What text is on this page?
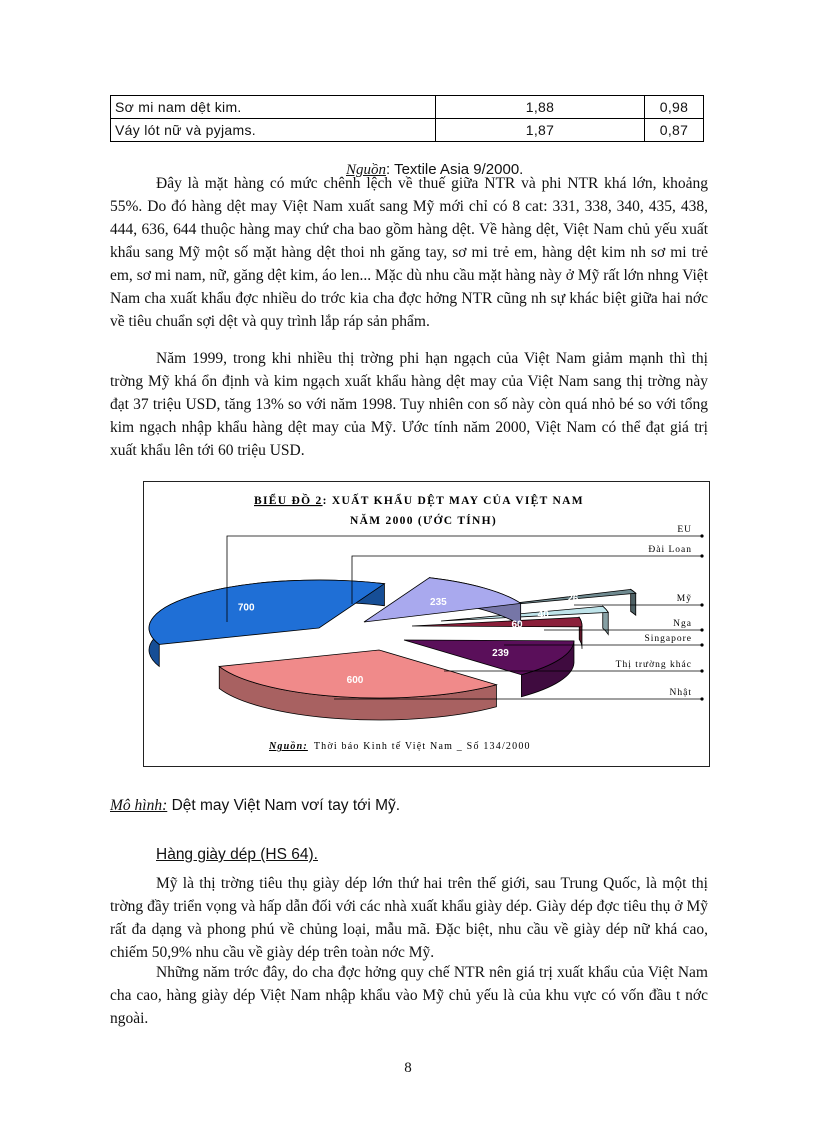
Sơ mi nam dệt kim.	1,88	0,98
Váy lót nữ và pyjams.	1,87	0,87
Nguồn: Textile Asia 9/2000.

Đây là mặt hàng có mức chênh lệch về thuế giữa NTR và phi NTR khá lớn, khoảng 55%. Do đó hàng dệt may Việt Nam xuất sang Mỹ mới chỉ có 8 cat: 331, 338, 340, 435, 438, 444, 636, 644 thuộc hàng may chứ cha bao gồm hàng dệt. Về hàng dệt, Việt Nam chủ yếu xuất khẩu sang Mỹ một số mặt hàng dệt thoi nh găng tay, sơ mi trẻ em, hàng dệt kim nh sơ mi trẻ em, sơ mi nam, nữ, găng dệt kim, áo len... Mặc dù nhu cầu mặt hàng này ở Mỹ rất lớn nhng Việt Nam cha xuất khẩu đợc nhiều do trớc kia cha đợc hởng NTR cũng nh sự khác biệt giữa hai nớc về tiêu chuẩn sợi dệt và quy trình lắp ráp sản phẩm.

Năm 1999, trong khi nhiều thị trờng phi hạn ngạch của Việt Nam giảm mạnh thì thị trờng Mỹ khá ổn định và kim ngạch xuất khẩu hàng dệt may của Việt Nam sang thị trờng này đạt 37 triệu USD, tăng 13% so với năm 1998. Tuy nhiên con số này còn quá nhỏ bé so với tổng kim ngạch nhập khẩu hàng dệt may của Mỹ. Ước tính năm 2000, Việt Nam có thể đạt giá trị xuất khẩu lên tới 60 triệu USD.

BIỂU ĐỒ 2: XUẤT KHẨU DỆT MAY CỦA VIỆT NAM
NĂM 2000 (ƯỚC TÍNH)
26
40
60
239
235
700
600
EU
Đài Loan
Mỹ
Nga
Singapore
Thị trường khác
Nhật
Nguồn: Thời báo Kinh tế Việt Nam _ Số 134/2000
Mô hình: Dệt may Việt Nam vơí tay tới Mỹ.
Hàng giày dép (HS 64).

Mỹ là thị trờng tiêu thụ giày dép lớn thứ hai trên thế giới, sau Trung Quốc, là một thị trờng đầy triển vọng và hấp dẫn đối với các nhà xuất khẩu giày dép. Giày dép đợc tiêu thụ ở Mỹ rất đa dạng và phong phú về chủng loại, mẫu mã. Đặc biệt, nhu cầu về giày dép nữ khá cao, chiếm 50,9% nhu cầu về giày dép trên toàn nớc Mỹ.

Những năm trớc đây, do cha đợc hởng quy chế NTR nên giá trị xuất khẩu của Việt Nam cha cao, hàng giày dép Việt Nam nhập khẩu vào Mỹ chủ yếu là của khu vực có vốn đầu t nớc ngoài.

8
